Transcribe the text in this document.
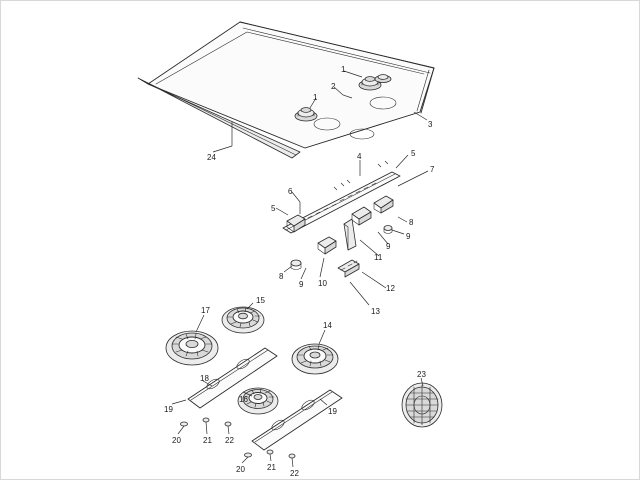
1
1
2
3
4	5
5
6
7
8
8
9
9
9 10
11
12
13
14
15
16
17
18
19	19
20
20
21
21
22
22
23
24
